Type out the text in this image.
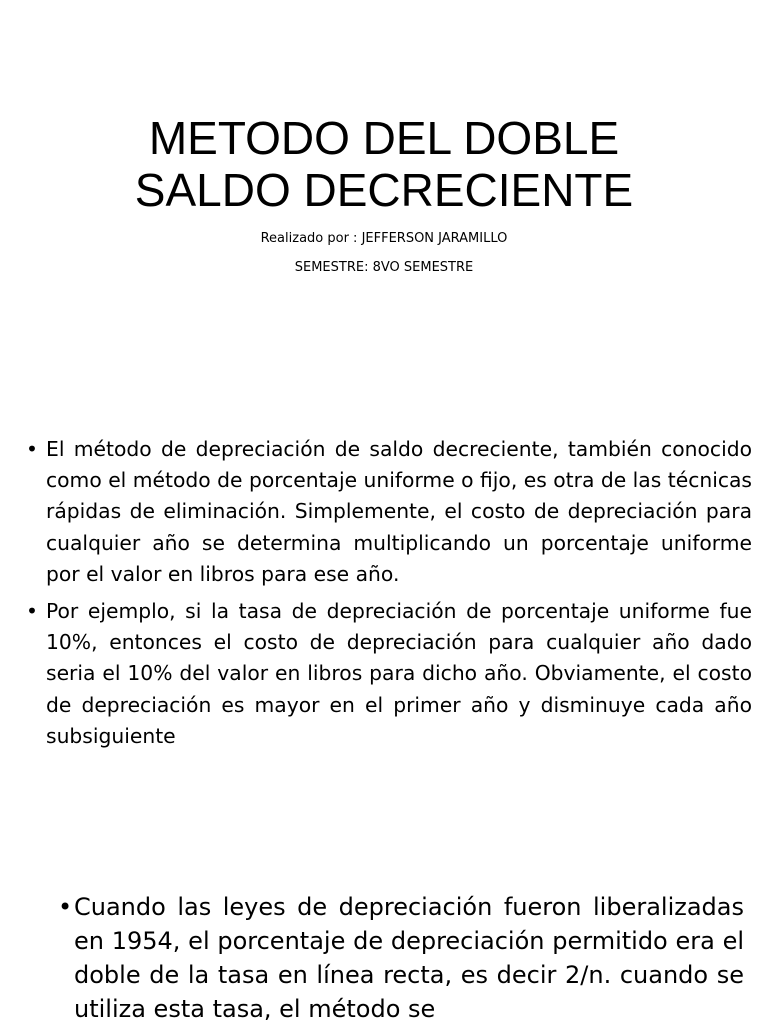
METODO DEL DOBLE
SALDO DECRECIENTE

Realizado por : JEFFERSON JARAMILLO

SEMESTRE: 8VO SEMESTRE

• El método de depreciación de saldo decreciente, también conocido como el método de porcentaje uniforme o fijo, es otra de las técnicas rápidas de eliminación. Simplemente, el costo de depreciación para cualquier año se determina multiplicando un porcentaje uniforme por el valor en libros para ese año.
• Por ejemplo, si la tasa de depreciación de porcentaje uniforme fue 10%, entonces el costo de depreciación para cualquier año dado seria el 10% del valor en libros para dicho año. Obviamente, el costo de depreciación es mayor en el primer año y disminuye cada año subsiguiente
• Cuando las leyes de depreciación fueron liberalizadas en 1954, el porcentaje de depreciación permitido era el doble de la tasa en línea recta, es decir 2/n. cuando se utiliza esta tasa, el método se
